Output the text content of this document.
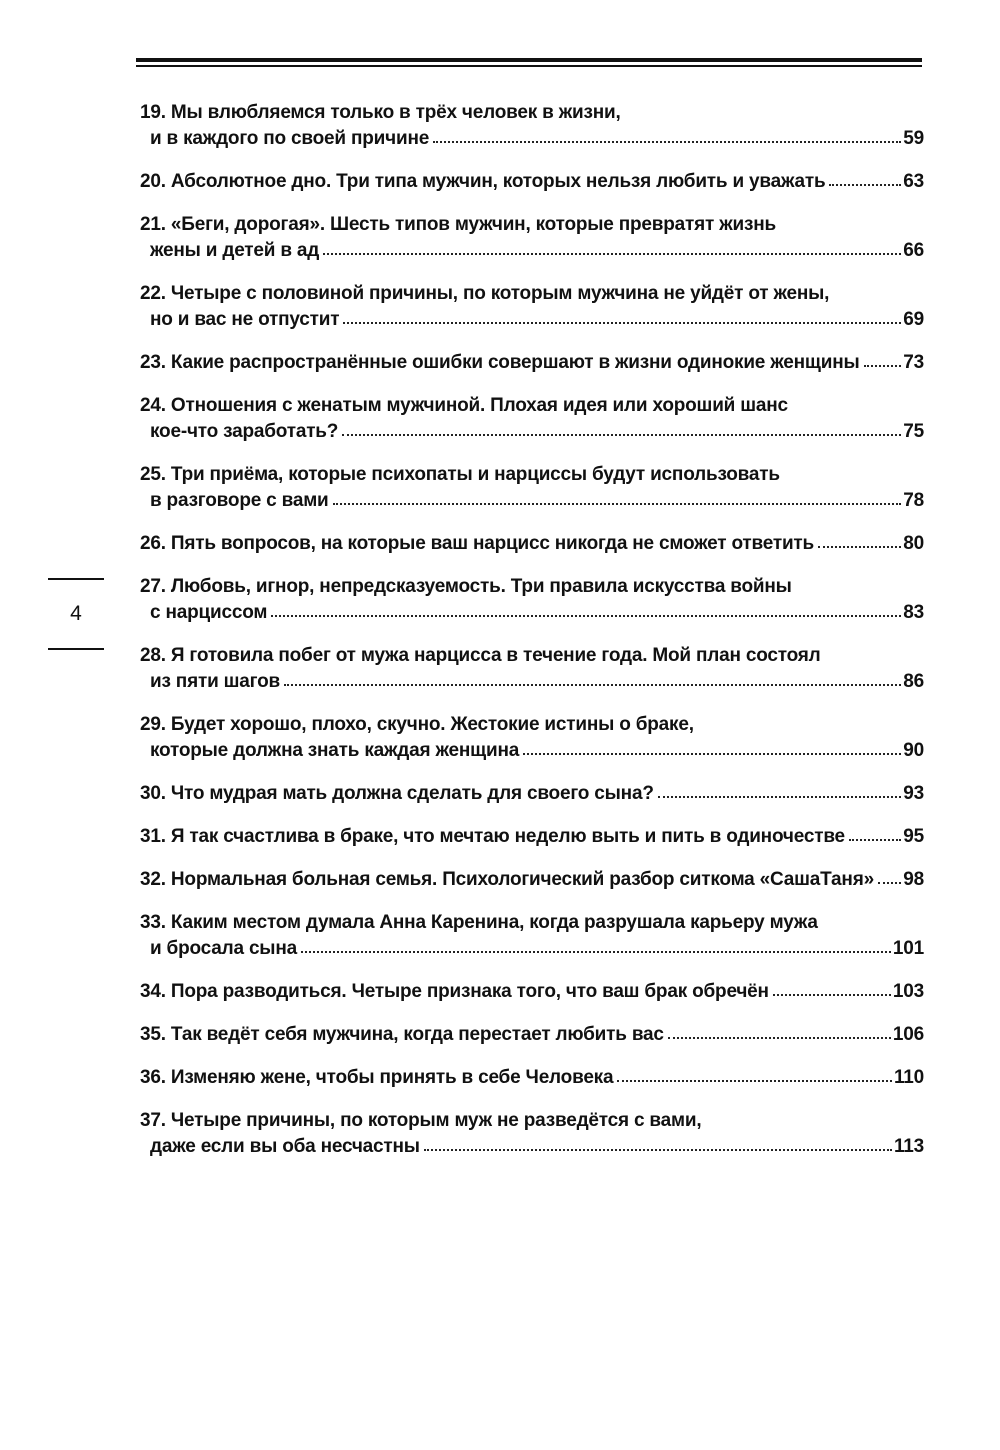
4
19. Мы влюбляемся только в трёх человек в жизни,
и в каждого по своей причине	59
20. Абсолютное дно. Три типа мужчин, которых нельзя любить и уважать	63
21. «Беги, дорогая». Шесть типов мужчин, которые превратят жизнь
жены и детей в ад	66
22. Четыре с половиной причины, по которым мужчина не уйдёт от жены,
но и вас не отпустит	69
23. Какие распространённые ошибки совершают в жизни одинокие женщины 73
24. Отношения с женатым мужчиной. Плохая идея или хороший шанс
кое-что заработать?	75
25. Три приёма, которые психопаты и нарциссы будут использовать
в разговоре с вами	78
26. Пять вопросов, на которые ваш нарцисс никогда не сможет ответить	80
27. Любовь, игнор, непредсказуемость. Три правила искусства войны
с нарциссом	83
28. Я готовила побег от мужа нарцисса в течение года. Мой план состоял
из пяти шагов	86
29. Будет хорошо, плохо, скучно. Жестокие истины о браке,
которые должна знать каждая женщина	90
30. Что мудрая мать должна сделать для своего сына?	93
31. Я так счастлива в браке, что мечтаю неделю выть и пить в одиночестве	95
32. Нормальная больная семья. Психологический разбор ситкома «СашаТаня» 98
33. Каким местом думала Анна Каренина, когда разрушала карьеру мужа
и бросала сына	101
34. Пора разводиться. Четыре признака того, что ваш брак обречён	103
35. Так ведёт себя мужчина, когда перестает любить вас	106
36. Изменяю жене, чтобы принять в себе Человека	110
37. Четыре причины, по которым муж не разведётся с вами,
даже если вы оба несчастны	113
